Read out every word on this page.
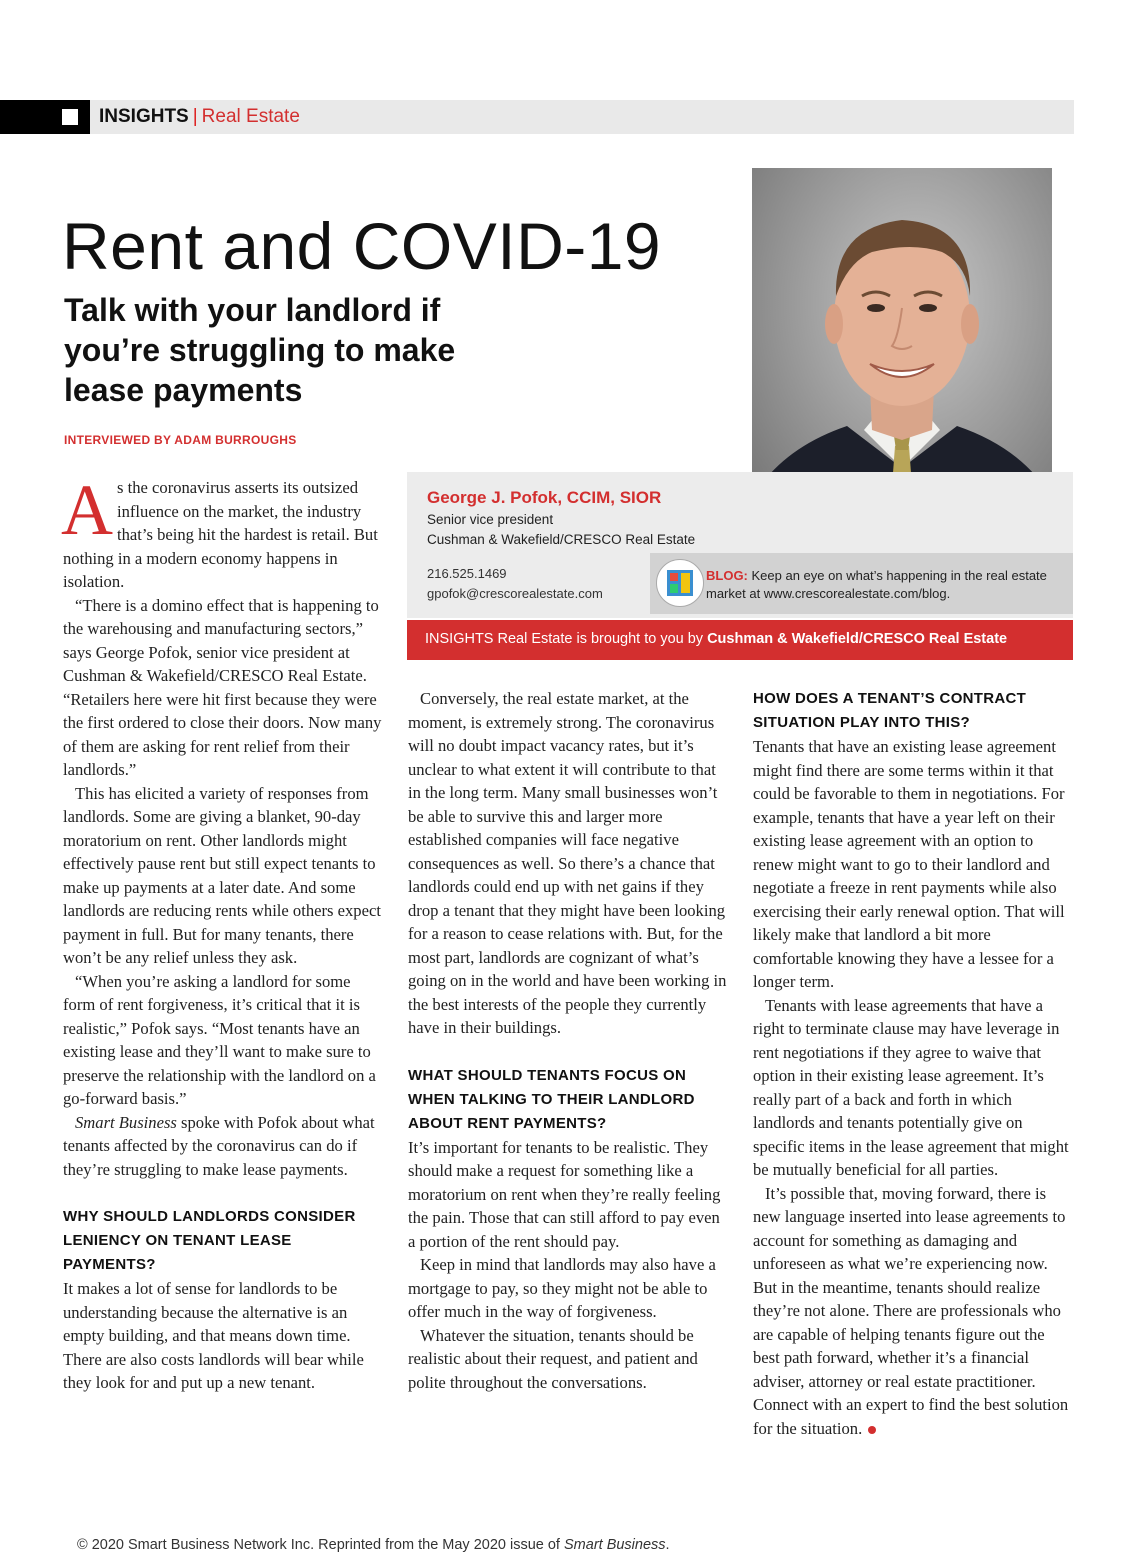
INSIGHTS | Real Estate
Rent and COVID-19
Talk with your landlord if you’re struggling to make lease payments
INTERVIEWED BY ADAM BURROUGHS
George J. Pofok, CCIM, SIOR
Senior vice president
Cushman & Wakefield/CRESCO Real Estate
216.525.1469
gpofok@crescorealestate.com
BLOG: Keep an eye on what’s happening in the real estate market at www.crescorealestate.com/blog.
INSIGHTS Real Estate is brought to you by Cushman & Wakefield/CRESCO Real Estate

As the coronavirus asserts its outsized influence on the market, the industry that’s being hit the hardest is retail. But nothing in a modern economy happens in isolation.

“There is a domino effect that is happening to the warehousing and manufacturing sectors,” says George Pofok, senior vice president at Cushman & Wakefield/CRESCO Real Estate. “Retailers here were hit first because they were the first ordered to close their doors. Now many of them are asking for rent relief from their landlords.”

This has elicited a variety of responses from landlords. Some are giving a blanket, 90-day moratorium on rent. Other landlords might effectively pause rent but still expect tenants to make up payments at a later date. And some landlords are reducing rents while others expect payment in full. But for many tenants, there won’t be any relief unless they ask.

“When you’re asking a landlord for some form of rent forgiveness, it’s critical that it is realistic,” Pofok says. “Most tenants have an existing lease and they’ll want to make sure to preserve the relationship with the landlord on a go-forward basis.”

Smart Business spoke with Pofok about what tenants affected by the coronavirus can do if they’re struggling to make lease payments.

WHY SHOULD LANDLORDS CONSIDER LENIENCY ON TENANT LEASE PAYMENTS?

It makes a lot of sense for landlords to be understanding because the alternative is an empty building, and that means down time. There are also costs landlords will bear while they look for and put up a new tenant.

Conversely, the real estate market, at the moment, is extremely strong. The coronavirus will no doubt impact vacancy rates, but it’s unclear to what extent it will contribute to that in the long term. Many small businesses won’t be able to survive this and larger more established companies will face negative consequences as well. So there’s a chance that landlords could end up with net gains if they drop a tenant that they might have been looking for a reason to cease relations with. But, for the most part, landlords are cognizant of what’s going on in the world and have been working in the best interests of the people they currently have in their buildings.

WHAT SHOULD TENANTS FOCUS ON WHEN TALKING TO THEIR LANDLORD ABOUT RENT PAYMENTS?

It’s important for tenants to be realistic. They should make a request for something like a moratorium on rent when they’re really feeling the pain. Those that can still afford to pay even a portion of the rent should pay.

Keep in mind that landlords may also have a mortgage to pay, so they might not be able to offer much in the way of forgiveness.

Whatever the situation, tenants should be realistic about their request, and patient and polite throughout the conversations.

HOW DOES A TENANT’S CONTRACT SITUATION PLAY INTO THIS?

Tenants that have an existing lease agreement might find there are some terms within it that could be favorable to them in negotiations. For example, tenants that have a year left on their existing lease agreement with an option to renew might want to go to their landlord and negotiate a freeze in rent payments while also exercising their early renewal option. That will likely make that landlord a bit more comfortable knowing they have a lessee for a longer term.

Tenants with lease agreements that have a right to terminate clause may have leverage in rent negotiations if they agree to waive that option in their existing lease agreement. It’s really part of a back and forth in which landlords and tenants potentially give on specific items in the lease agreement that might be mutually beneficial for all parties.

It’s possible that, moving forward, there is new language inserted into lease agreements to account for something as damaging and unforeseen as what we’re experiencing now. But in the meantime, tenants should realize they’re not alone. There are professionals who are capable of helping tenants figure out the best path forward, whether it’s a financial adviser, attorney or real estate practitioner. Connect with an expert to find the best solution for the situation.

© 2020 Smart Business Network Inc. Reprinted from the May 2020 issue of Smart Business.
